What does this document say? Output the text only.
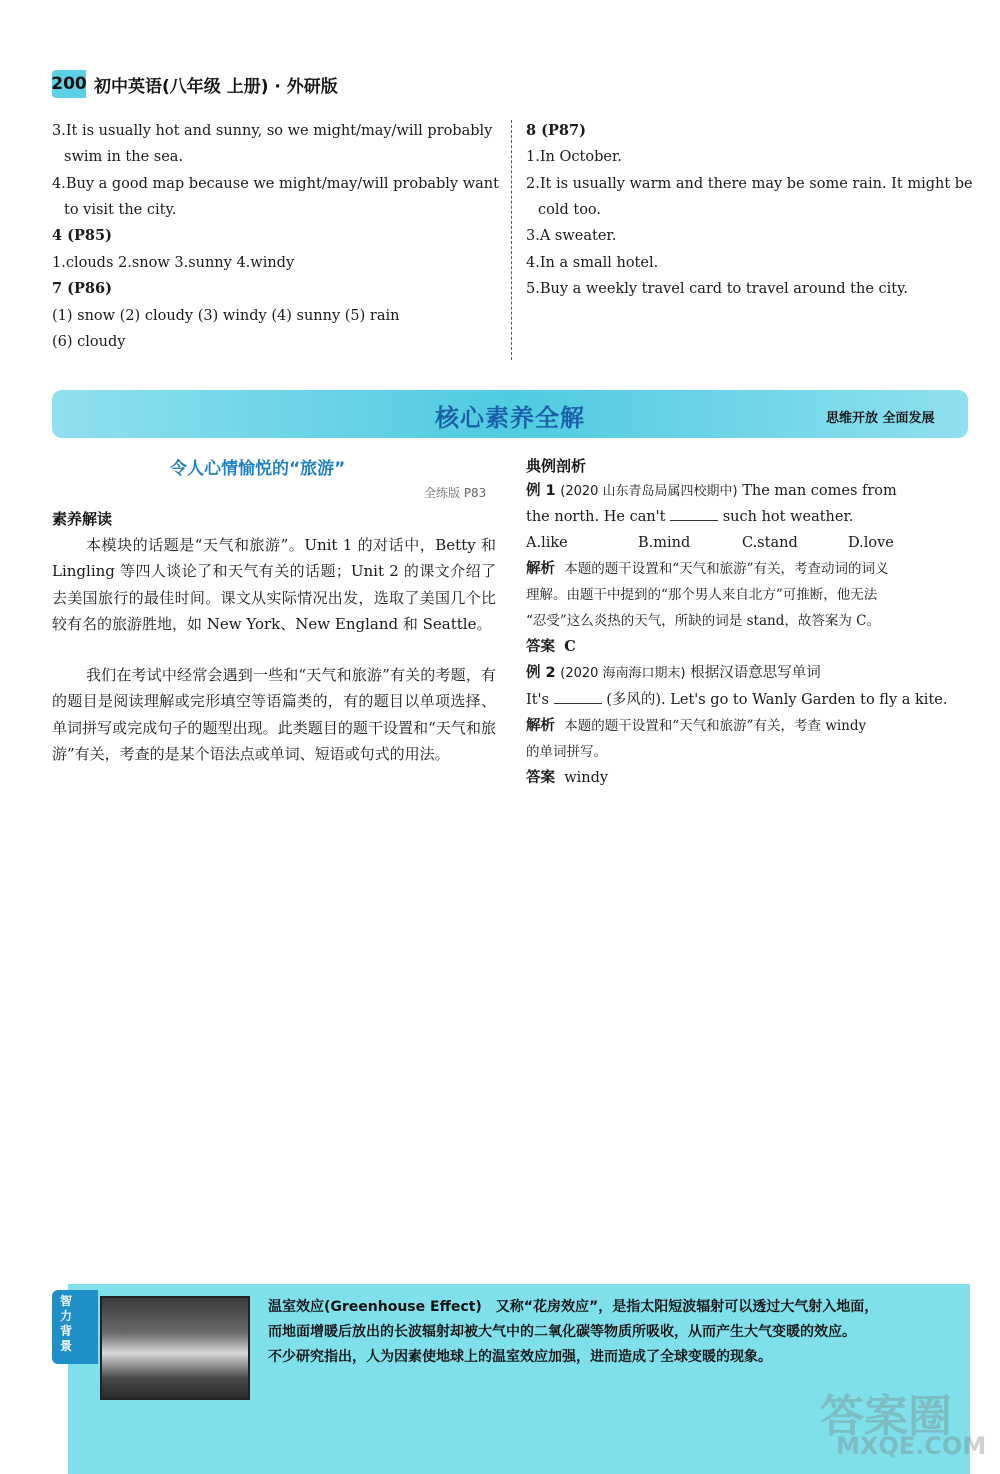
200 初中英语(八年级 上册) · 外研版
3.It is usually hot and sunny, so we might/may/will probably
swim in the sea.
4.Buy a good map because we might/may/will probably want
to visit the city.
4 (P85)
1.clouds 2.snow 3.sunny 4.windy
7 (P86)
(1) snow (2) cloudy (3) windy (4) sunny (5) rain
(6) cloudy
8 (P87)
1.In October.
2.It is usually warm and there may be some rain. It might be
cold too.
3.A sweater.
4.In a small hotel.
5.Buy a weekly travel card to travel around the city.
核心素养全解	思维开放 全面发展
令人心情愉悦的“旅游”
全练版 P83
素养解读
本模块的话题是“天气和旅游”。Unit 1 的对话中，Betty 和 Lingling 等四人谈论了和天气有关的话题；Unit 2 的课文介绍了去美国旅行的最佳时间。课文从实际情况出发，选取了美国几个比较有名的旅游胜地，如 New York、New England 和 Seattle。
我们在考试中经常会遇到一些和“天气和旅游”有关的考题，有的题目是阅读理解或完形填空等语篇类的，有的题目以单项选择、单词拼写或完成句子的题型出现。此类题目的题干设置和“天气和旅游”有关，考查的是某个语法点或单词、短语或句式的用法。
典例剖析
例 1 (2020 山东青岛局属四校期中) The man comes from
the north. He can't	such hot weather.
A.like	B.mind	C.stand	D.love
解析 本题的题干设置和“天气和旅游”有关，考查动词的词义
理解。由题干中提到的“那个男人来自北方”可推断，他无法
“忍受”这么炎热的天气，所缺的词是 stand，故答案为 C。
答案 C
例 2 (2020 海南海口期末) 根据汉语意思写单词
It's	(多风的). Let's go to Wanly Garden to fly a kite.
解析 本题的题干设置和“天气和旅游”有关，考查 windy
的单词拼写。
答案 windy
智力背景
温室效应(Greenhouse Effect)　又称“花房效应”，是指太阳短波辐射可以透过大气射入地面，
而地面增暖后放出的长波辐射却被大气中的二氧化碳等物质所吸收，从而产生大气变暖的效应。
不少研究指出，人为因素使地球上的温室效应加强，进而造成了全球变暖的现象。
答案圈
MXQE.COM
